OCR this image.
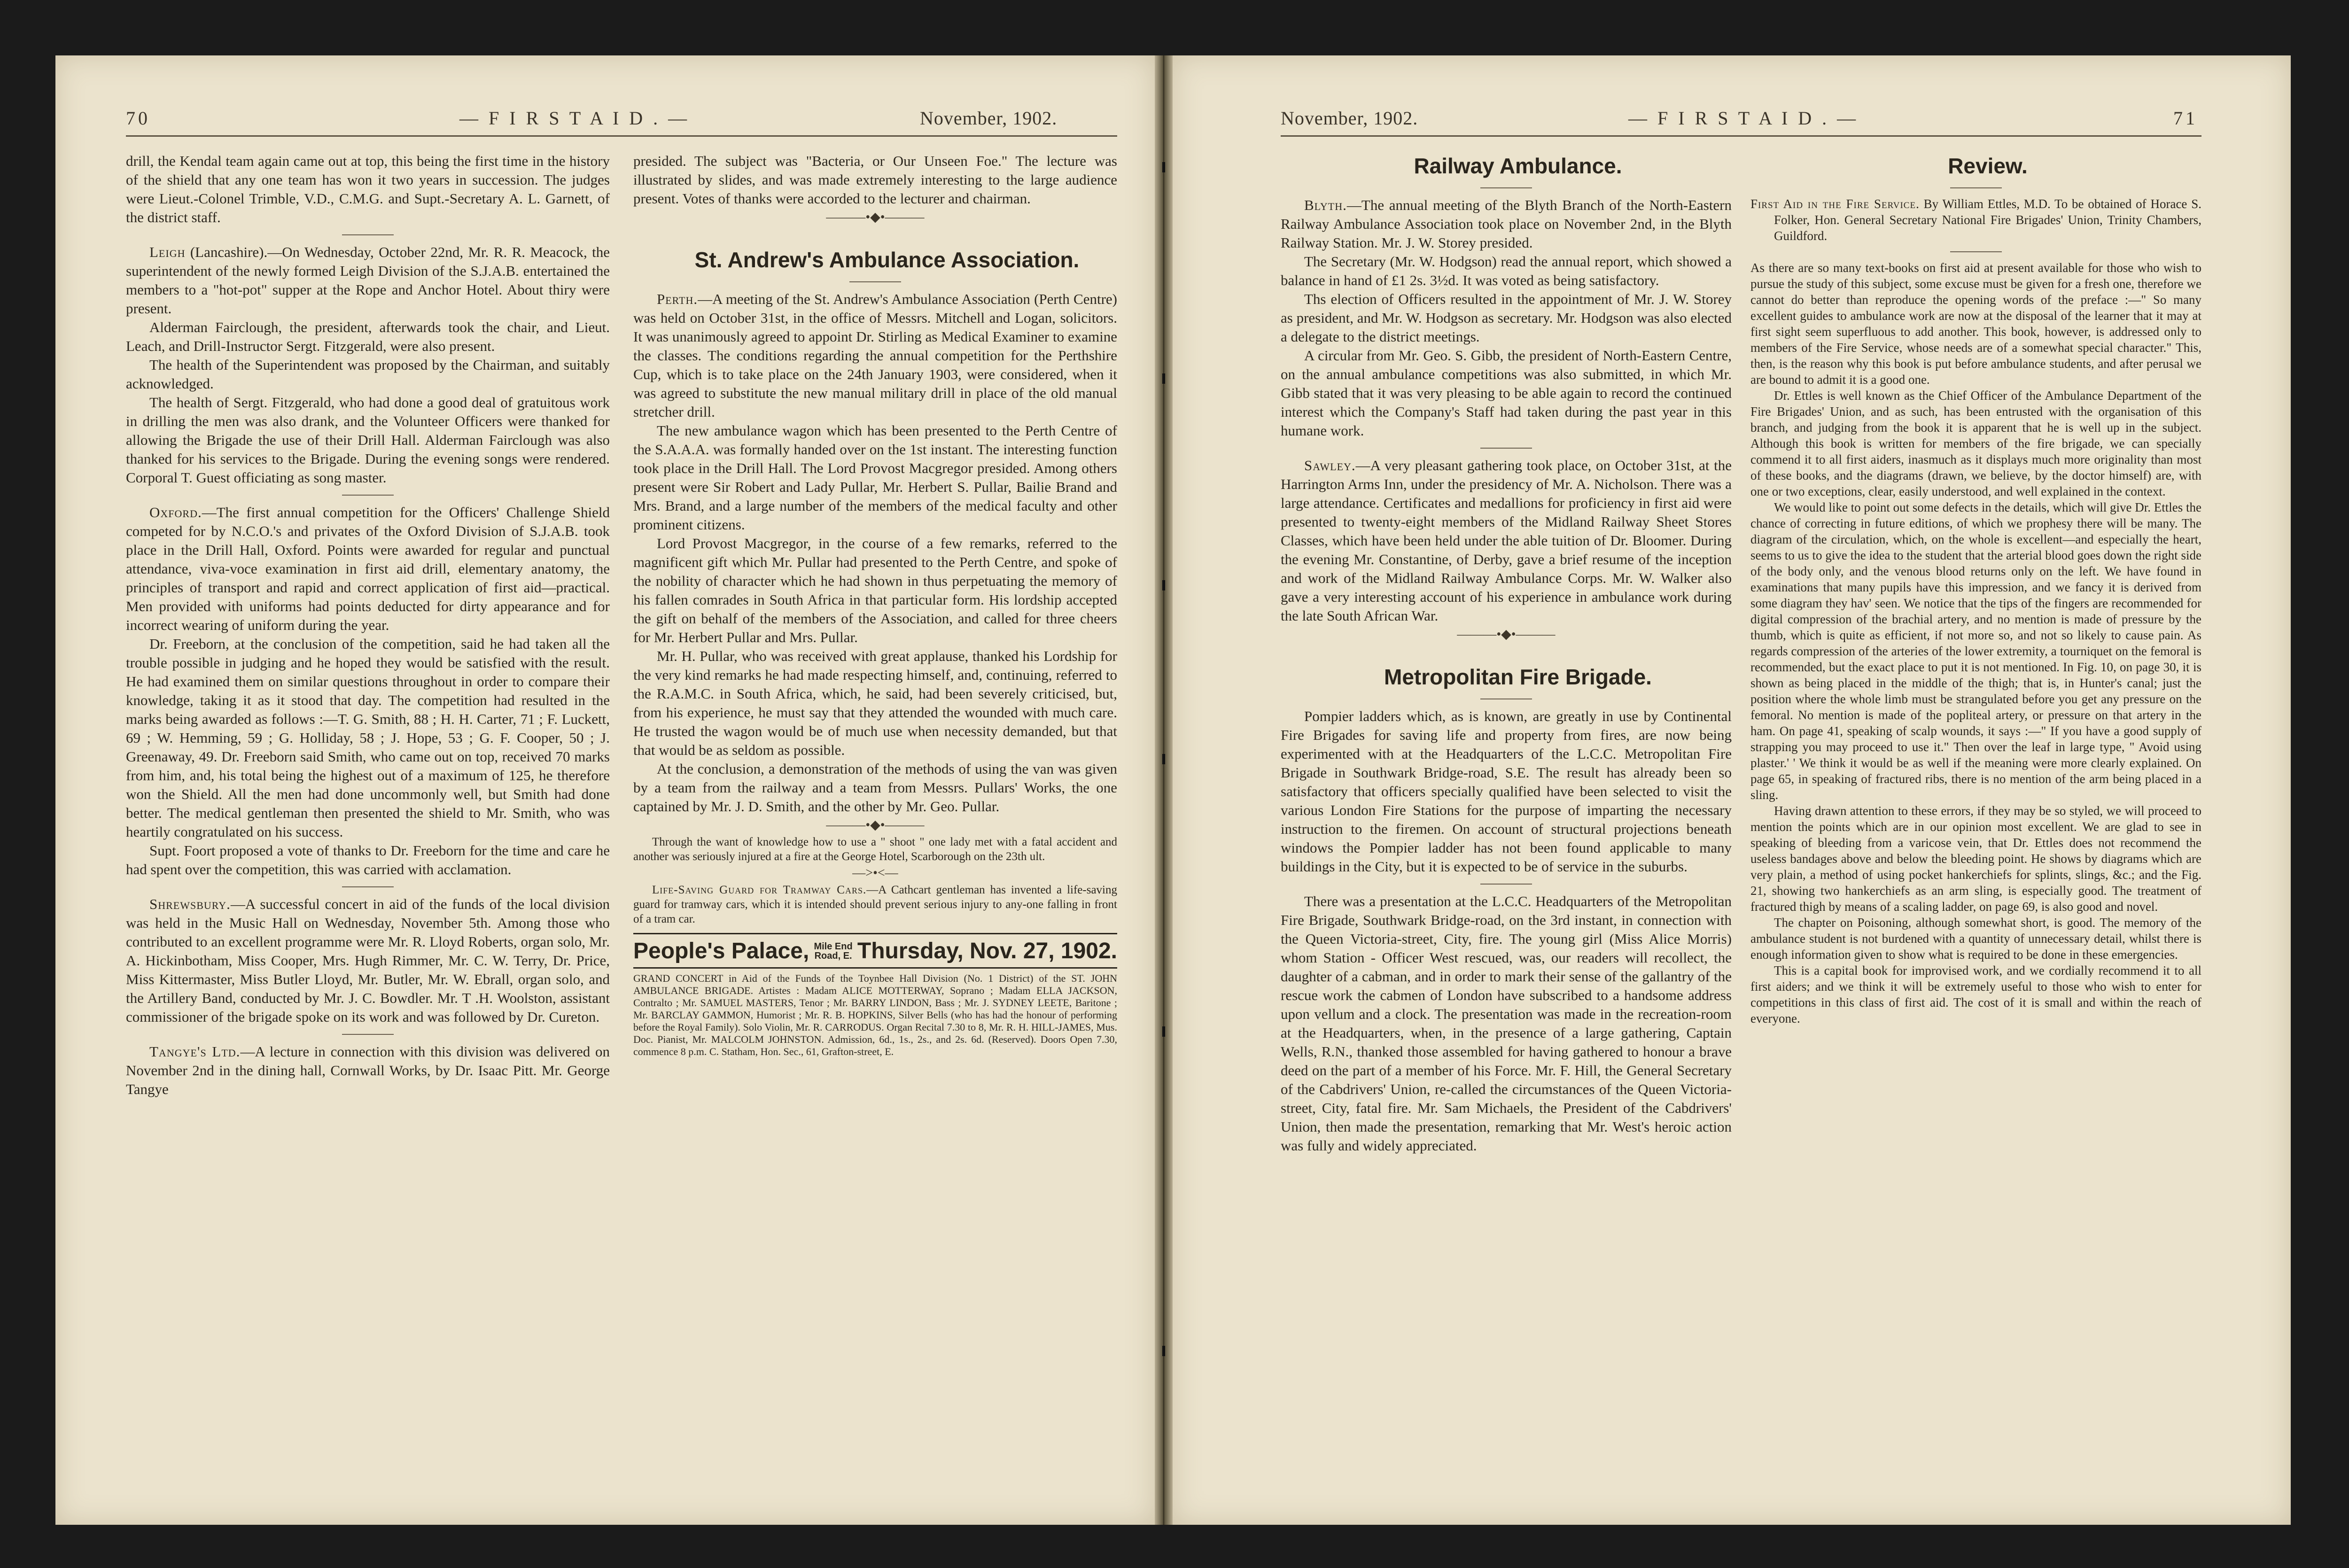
70	— F I R S T A I D . —	November, 1902.

drill, the Kendal team again came out at top, this being the first time in the history of the shield that any one team has won it two years in succession. The judges were Lieut.-Colonel Trimble, V.D., C.M.G. and Supt.-Secretary A. L. Garnett, of the district staff.

Leigh (Lancashire).—On Wednesday, October 22nd, Mr. R. R. Meacock, the superintendent of the newly formed Leigh Division of the S.J.A.B. entertained the members to a "hot-pot" supper at the Rope and Anchor Hotel. About thiry were present.

Alderman Fairclough, the president, afterwards took the chair, and Lieut. Leach, and Drill-Instructor Sergt. Fitzgerald, were also present.

The health of the Superintendent was proposed by the Chairman, and suitably acknowledged.

The health of Sergt. Fitzgerald, who had done a good deal of gratuitous work in drilling the men was also drank, and the Volunteer Officers were thanked for allowing the Brigade the use of their Drill Hall. Alderman Fairclough was also thanked for his services to the Brigade. During the evening songs were rendered. Corporal T. Guest officiating as song master.

Oxford.—The first annual competition for the Officers' Challenge Shield competed for by N.C.O.'s and privates of the Oxford Division of S.J.A.B. took place in the Drill Hall, Oxford. Points were awarded for regular and punctual attendance, viva-voce examination in first aid drill, elementary anatomy, the principles of transport and rapid and correct application of first aid—practical. Men provided with uniforms had points deducted for dirty appearance and for incorrect wearing of uniform during the year.

Dr. Freeborn, at the conclusion of the competition, said he had taken all the trouble possible in judging and he hoped they would be satisfied with the result. He had examined them on similar questions throughout in order to compare their knowledge, taking it as it stood that day. The competition had resulted in the marks being awarded as follows :—T. G. Smith, 88 ; H. H. Carter, 71 ; F. Luckett, 69 ; W. Hemming, 59 ; G. Holliday, 58 ; J. Hope, 53 ; G. F. Cooper, 50 ; J. Greenaway, 49. Dr. Freeborn said Smith, who came out on top, received 70 marks from him, and, his total being the highest out of a maximum of 125, he therefore won the Shield. All the men had done uncommonly well, but Smith had done better. The medical gentleman then presented the shield to Mr. Smith, who was heartily congratulated on his success.

Supt. Foort proposed a vote of thanks to Dr. Freeborn for the time and care he had spent over the competition, this was carried with acclamation.

Shrewsbury.—A successful concert in aid of the funds of the local division was held in the Music Hall on Wednesday, November 5th. Among those who contributed to an excellent programme were Mr. R. Lloyd Roberts, organ solo, Mr. A. Hickinbotham, Miss Cooper, Mrs. Hugh Rimmer, Mr. C. W. Terry, Dr. Price, Miss Kittermaster, Miss Butler Lloyd, Mr. Butler, Mr. W. Ebrall, organ solo, and the Artillery Band, conducted by Mr. J. C. Bowdler. Mr. T .H. Woolston, assistant commissioner of the brigade spoke on its work and was followed by Dr. Cureton.

Tangye's Ltd.—A lecture in connection with this division was delivered on November 2nd in the dining hall, Cornwall Works, by Dr. Isaac Pitt. Mr. George Tangye

presided. The subject was "Bacteria, or Our Unseen Foe." The lecture was illustrated by slides, and was made extremely interesting to the large audience present. Votes of thanks were accorded to the lecturer and chairman.

———•◆•———

St. Andrew's Ambulance Association.

Perth.—A meeting of the St. Andrew's Ambulance Association (Perth Centre) was held on October 31st, in the office of Messrs. Mitchell and Logan, solicitors. It was unanimously agreed to appoint Dr. Stirling as Medical Examiner to examine the classes. The conditions regarding the annual competition for the Perthshire Cup, which is to take place on the 24th January 1903, were considered, when it was agreed to substitute the new manual military drill in place of the old manual stretcher drill.

The new ambulance wagon which has been presented to the Perth Centre of the S.A.A.A. was formally handed over on the 1st instant. The interesting function took place in the Drill Hall. The Lord Provost Macgregor presided. Among others present were Sir Robert and Lady Pullar, Mr. Herbert S. Pullar, Bailie Brand and Mrs. Brand, and a large number of the members of the medical faculty and other prominent citizens.

Lord Provost Macgregor, in the course of a few remarks, referred to the magnificent gift which Mr. Pullar had presented to the Perth Centre, and spoke of the nobility of character which he had shown in thus perpetuating the memory of his fallen comrades in South Africa in that particular form. His lordship accepted the gift on behalf of the members of the Association, and called for three cheers for Mr. Herbert Pullar and Mrs. Pullar.

Mr. H. Pullar, who was received with great applause, thanked his Lordship for the very kind remarks he had made respecting himself, and, continuing, referred to the R.A.M.C. in South Africa, which, he said, had been severely criticised, but, from his experience, he must say that they attended the wounded with much care. He trusted the wagon would be of much use when necessity demanded, but that that would be as seldom as possible.

At the conclusion, a demonstration of the methods of using the van was given by a team from the railway and a team from Messrs. Pullars' Works, the one captained by Mr. J. D. Smith, and the other by Mr. Geo. Pullar.

———•◆•———

Through the want of knowledge how to use a " shoot " one lady met with a fatal accident and another was seriously injured at a fire at the George Hotel, Scarborough on the 23th ult.

—>•<—

Life-Saving Guard for Tramway Cars.—A Cathcart gentleman has invented a life-saving guard for tramway cars, which it is intended should prevent serious injury to any-one falling in front of a tram car.

People's Palace, Mile End
Road, E. Thursday, Nov. 27, 1902.
GRAND CONCERT in Aid of the Funds of the Toynbee Hall Division (No. 1 District) of the ST. JOHN AMBULANCE BRIGADE. Artistes : Madam ALICE MOTTERWAY, Soprano ; Madam ELLA JACKSON, Contralto ; Mr. SAMUEL MASTERS, Tenor ; Mr. BARRY LINDON, Bass ; Mr. J. SYDNEY LEETE, Baritone ; Mr. BARCLAY GAMMON, Humorist ; Mr. R. B. HOPKINS, Silver Bells (who has had the honour of performing before the Royal Family). Solo Violin, Mr. R. CARRODUS. Organ Recital 7.30 to 8, Mr. R. H. HILL-JAMES, Mus. Doc. Pianist, Mr. MALCOLM JOHNSTON. Admission, 6d., 1s., 2s., and 2s. 6d. (Reserved). Doors Open 7.30, commence 8 p.m. C. Statham, Hon. Sec., 61, Grafton-street, E.
November, 1902.	— F I R S T A I D . —	71

Railway Ambulance.

Blyth.—The annual meeting of the Blyth Branch of the North-Eastern Railway Ambulance Association took place on November 2nd, in the Blyth Railway Station. Mr. J. W. Storey presided.

The Secretary (Mr. W. Hodgson) read the annual report, which showed a balance in hand of £1 2s. 3½d. It was voted as being satisfactory.

Ths election of Officers resulted in the appointment of Mr. J. W. Storey as president, and Mr. W. Hodgson as secretary. Mr. Hodgson was also elected a delegate to the district meetings.

A circular from Mr. Geo. S. Gibb, the president of North-Eastern Centre, on the annual ambulance competitions was also submitted, in which Mr. Gibb stated that it was very pleasing to be able again to record the continued interest which the Company's Staff had taken during the past year in this humane work.

Sawley.—A very pleasant gathering took place, on October 31st, at the Harrington Arms Inn, under the presidency of Mr. A. Nicholson. There was a large attendance. Certificates and medallions for proficiency in first aid were presented to twenty-eight members of the Midland Railway Sheet Stores Classes, which have been held under the able tuition of Dr. Bloomer. During the evening Mr. Constantine, of Derby, gave a brief resume of the inception and work of the Midland Railway Ambulance Corps. Mr. W. Walker also gave a very interesting account of his experience in ambulance work during the late South African War.

———•◆•———

Metropolitan Fire Brigade.

Pompier ladders which, as is known, are greatly in use by Continental Fire Brigades for saving life and property from fires, are now being experimented with at the Headquarters of the L.C.C. Metropolitan Fire Brigade in Southwark Bridge-road, S.E. The result has already been so satisfactory that officers specially qualified have been selected to visit the various London Fire Stations for the purpose of imparting the necessary instruction to the firemen. On account of structural projections beneath windows the Pompier ladder has not been found applicable to many buildings in the City, but it is expected to be of service in the suburbs.

There was a presentation at the L.C.C. Headquarters of the Metropolitan Fire Brigade, Southwark Bridge-road, on the 3rd instant, in connection with the Queen Victoria-street, City, fire. The young girl (Miss Alice Morris) whom Station - Officer West rescued, was, our readers will recollect, the daughter of a cabman, and in order to mark their sense of the gallantry of the rescue work the cabmen of London have subscribed to a handsome address upon vellum and a clock. The presentation was made in the recreation-room at the Headquarters, when, in the presence of a large gathering, Captain Wells, R.N., thanked those assembled for having gathered to honour a brave deed on the part of a member of his Force. Mr. F. Hill, the General Secretary of the Cabdrivers' Union, re-called the circumstances of the Queen Victoria-street, City, fatal fire. Mr. Sam Michaels, the President of the Cabdrivers' Union, then made the presentation, remarking that Mr. West's heroic action was fully and widely appreciated.

Review.

First Aid in the Fire Service. By William Ettles, M.D. To be obtained of Horace S. Folker, Hon. General Secretary National Fire Brigades' Union, Trinity Chambers, Guildford.

As there are so many text-books on first aid at present available for those who wish to pursue the study of this subject, some excuse must be given for a fresh one, therefore we cannot do better than reproduce the opening words of the preface :—" So many excellent guides to ambulance work are now at the disposal of the learner that it may at first sight seem superfluous to add another. This book, however, is addressed only to members of the Fire Service, whose needs are of a somewhat special character." This, then, is the reason why this book is put before ambulance students, and after perusal we are bound to admit it is a good one.

Dr. Ettles is well known as the Chief Officer of the Ambulance Department of the Fire Brigades' Union, and as such, has been entrusted with the organisation of this branch, and judging from the book it is apparent that he is well up in the subject. Although this book is written for members of the fire brigade, we can specially commend it to all first aiders, inasmuch as it displays much more originality than most of these books, and the diagrams (drawn, we believe, by the doctor himself) are, with one or two exceptions, clear, easily understood, and well explained in the context.

We would like to point out some defects in the details, which will give Dr. Ettles the chance of correcting in future editions, of which we prophesy there will be many. The diagram of the circulation, which, on the whole is excellent—and especially the heart, seems to us to give the idea to the student that the arterial blood goes down the right side of the body only, and the venous blood returns only on the left. We have found in examinations that many pupils have this impression, and we fancy it is derived from some diagram they hav' seen. We notice that the tips of the fingers are recommended for digital compression of the brachial artery, and no mention is made of pressure by the thumb, which is quite as efficient, if not more so, and not so likely to cause pain. As regards compression of the arteries of the lower extremity, a tourniquet on the femoral is recommended, but the exact place to put it is not mentioned. In Fig. 10, on page 30, it is shown as being placed in the middle of the thigh; that is, in Hunter's canal; just the position where the whole limb must be strangulated before you get any pressure on the femoral. No mention is made of the popliteal artery, or pressure on that artery in the ham. On page 41, speaking of scalp wounds, it says :—" If you have a good supply of strapping you may proceed to use it." Then over the leaf in large type, " Avoid using plaster.' ' We think it would be as well if the meaning were more clearly explained. On page 65, in speaking of fractured ribs, there is no mention of the arm being placed in a sling.

Having drawn attention to these errors, if they may be so styled, we will proceed to mention the points which are in our opinion most excellent. We are glad to see in speaking of bleeding from a varicose vein, that Dr. Ettles does not recommend the useless bandages above and below the bleeding point. He shows by diagrams which are very plain, a method of using pocket hankerchiefs for splints, slings, &c.; and the Fig. 21, showing two hankerchiefs as an arm sling, is especially good. The treatment of fractured thigh by means of a scaling ladder, on page 69, is also good and novel.

The chapter on Poisoning, although somewhat short, is good. The memory of the ambulance student is not burdened with a quantity of unnecessary detail, whilst there is enough information given to show what is required to be done in these emergencies.

This is a capital book for improvised work, and we cordially recommend it to all first aiders; and we think it will be extremely useful to those who wish to enter for competitions in this class of first aid. The cost of it is small and within the reach of everyone.
